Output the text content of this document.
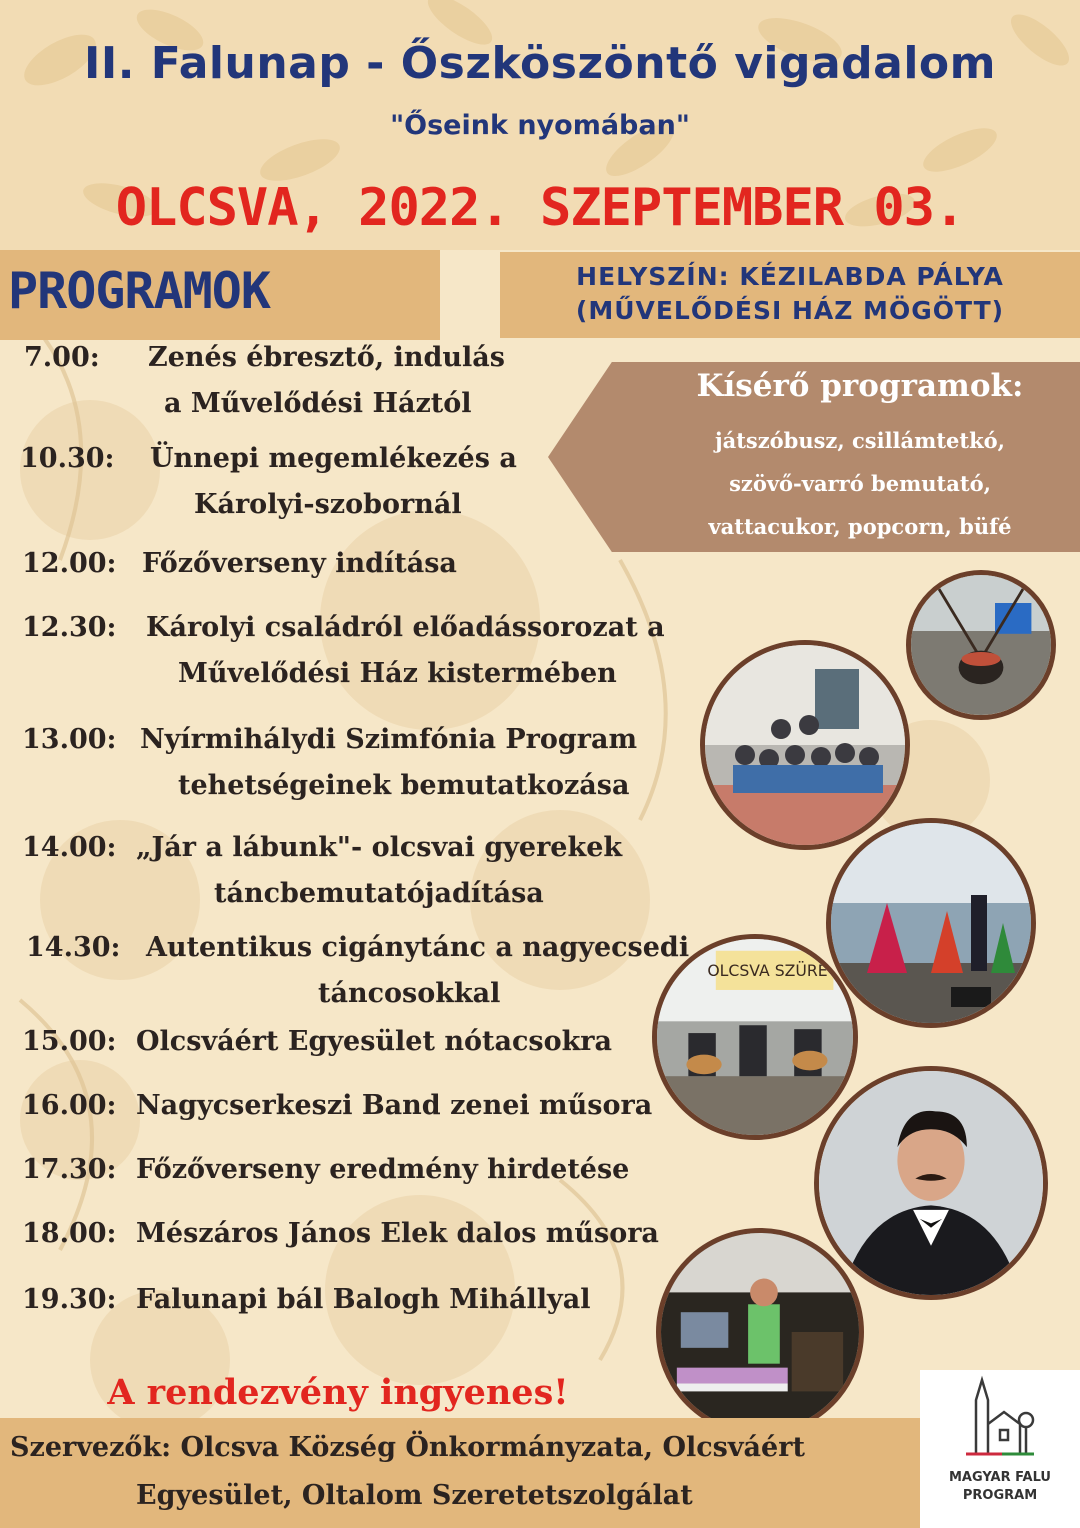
II. Falunap - Őszköszöntő vigadalom
"Őseink nyomában"
OLCSVA, 2022. SZEPTEMBER 03.
PROGRAMOK	HELYSZÍN: KÉZILABDA PÁLYA
(MŰVELŐDÉSI HÁZ MÖGÖTT)
Kísérő programok:
játszóbusz, csillámtetkó,
szövő-varró bemutató,
vattacukor, popcorn, büfé
7.00: Zenés ébresztő, indulás
a Művelődési Háztól
10.30: Ünnepi megemlékezés a
Károlyi-szobornál
12.00: Főzőverseny indítása
12.30: Károlyi családról előadássorozat a
Művelődési Ház kistermében
13.00: Nyírmihálydi Szimfónia Program
tehetségeinek bemutatkozása
14.00: „Jár a lábunk"- olcsvai gyerekek
táncbemutatójadítása
14.30: Autentikus cigánytánc a nagyecsedi
táncosokkal
15.00: Olcsváért Egyesület nótacsokra
16.00: Nagycserkeszi Band zenei műsora
17.30: Főzőverseny eredmény hirdetése
18.00: Mészáros János Elek dalos műsora
19.30: Falunapi bál Balogh Mihállyal
OLCSVA SZÜRETI
A rendezvény ingyenes!
Szervezők: Olcsva Község Önkormányzata, Olcsváért
Egyesület, Oltalom Szeretetszolgálat
MAGYAR FALU
PROGRAM
